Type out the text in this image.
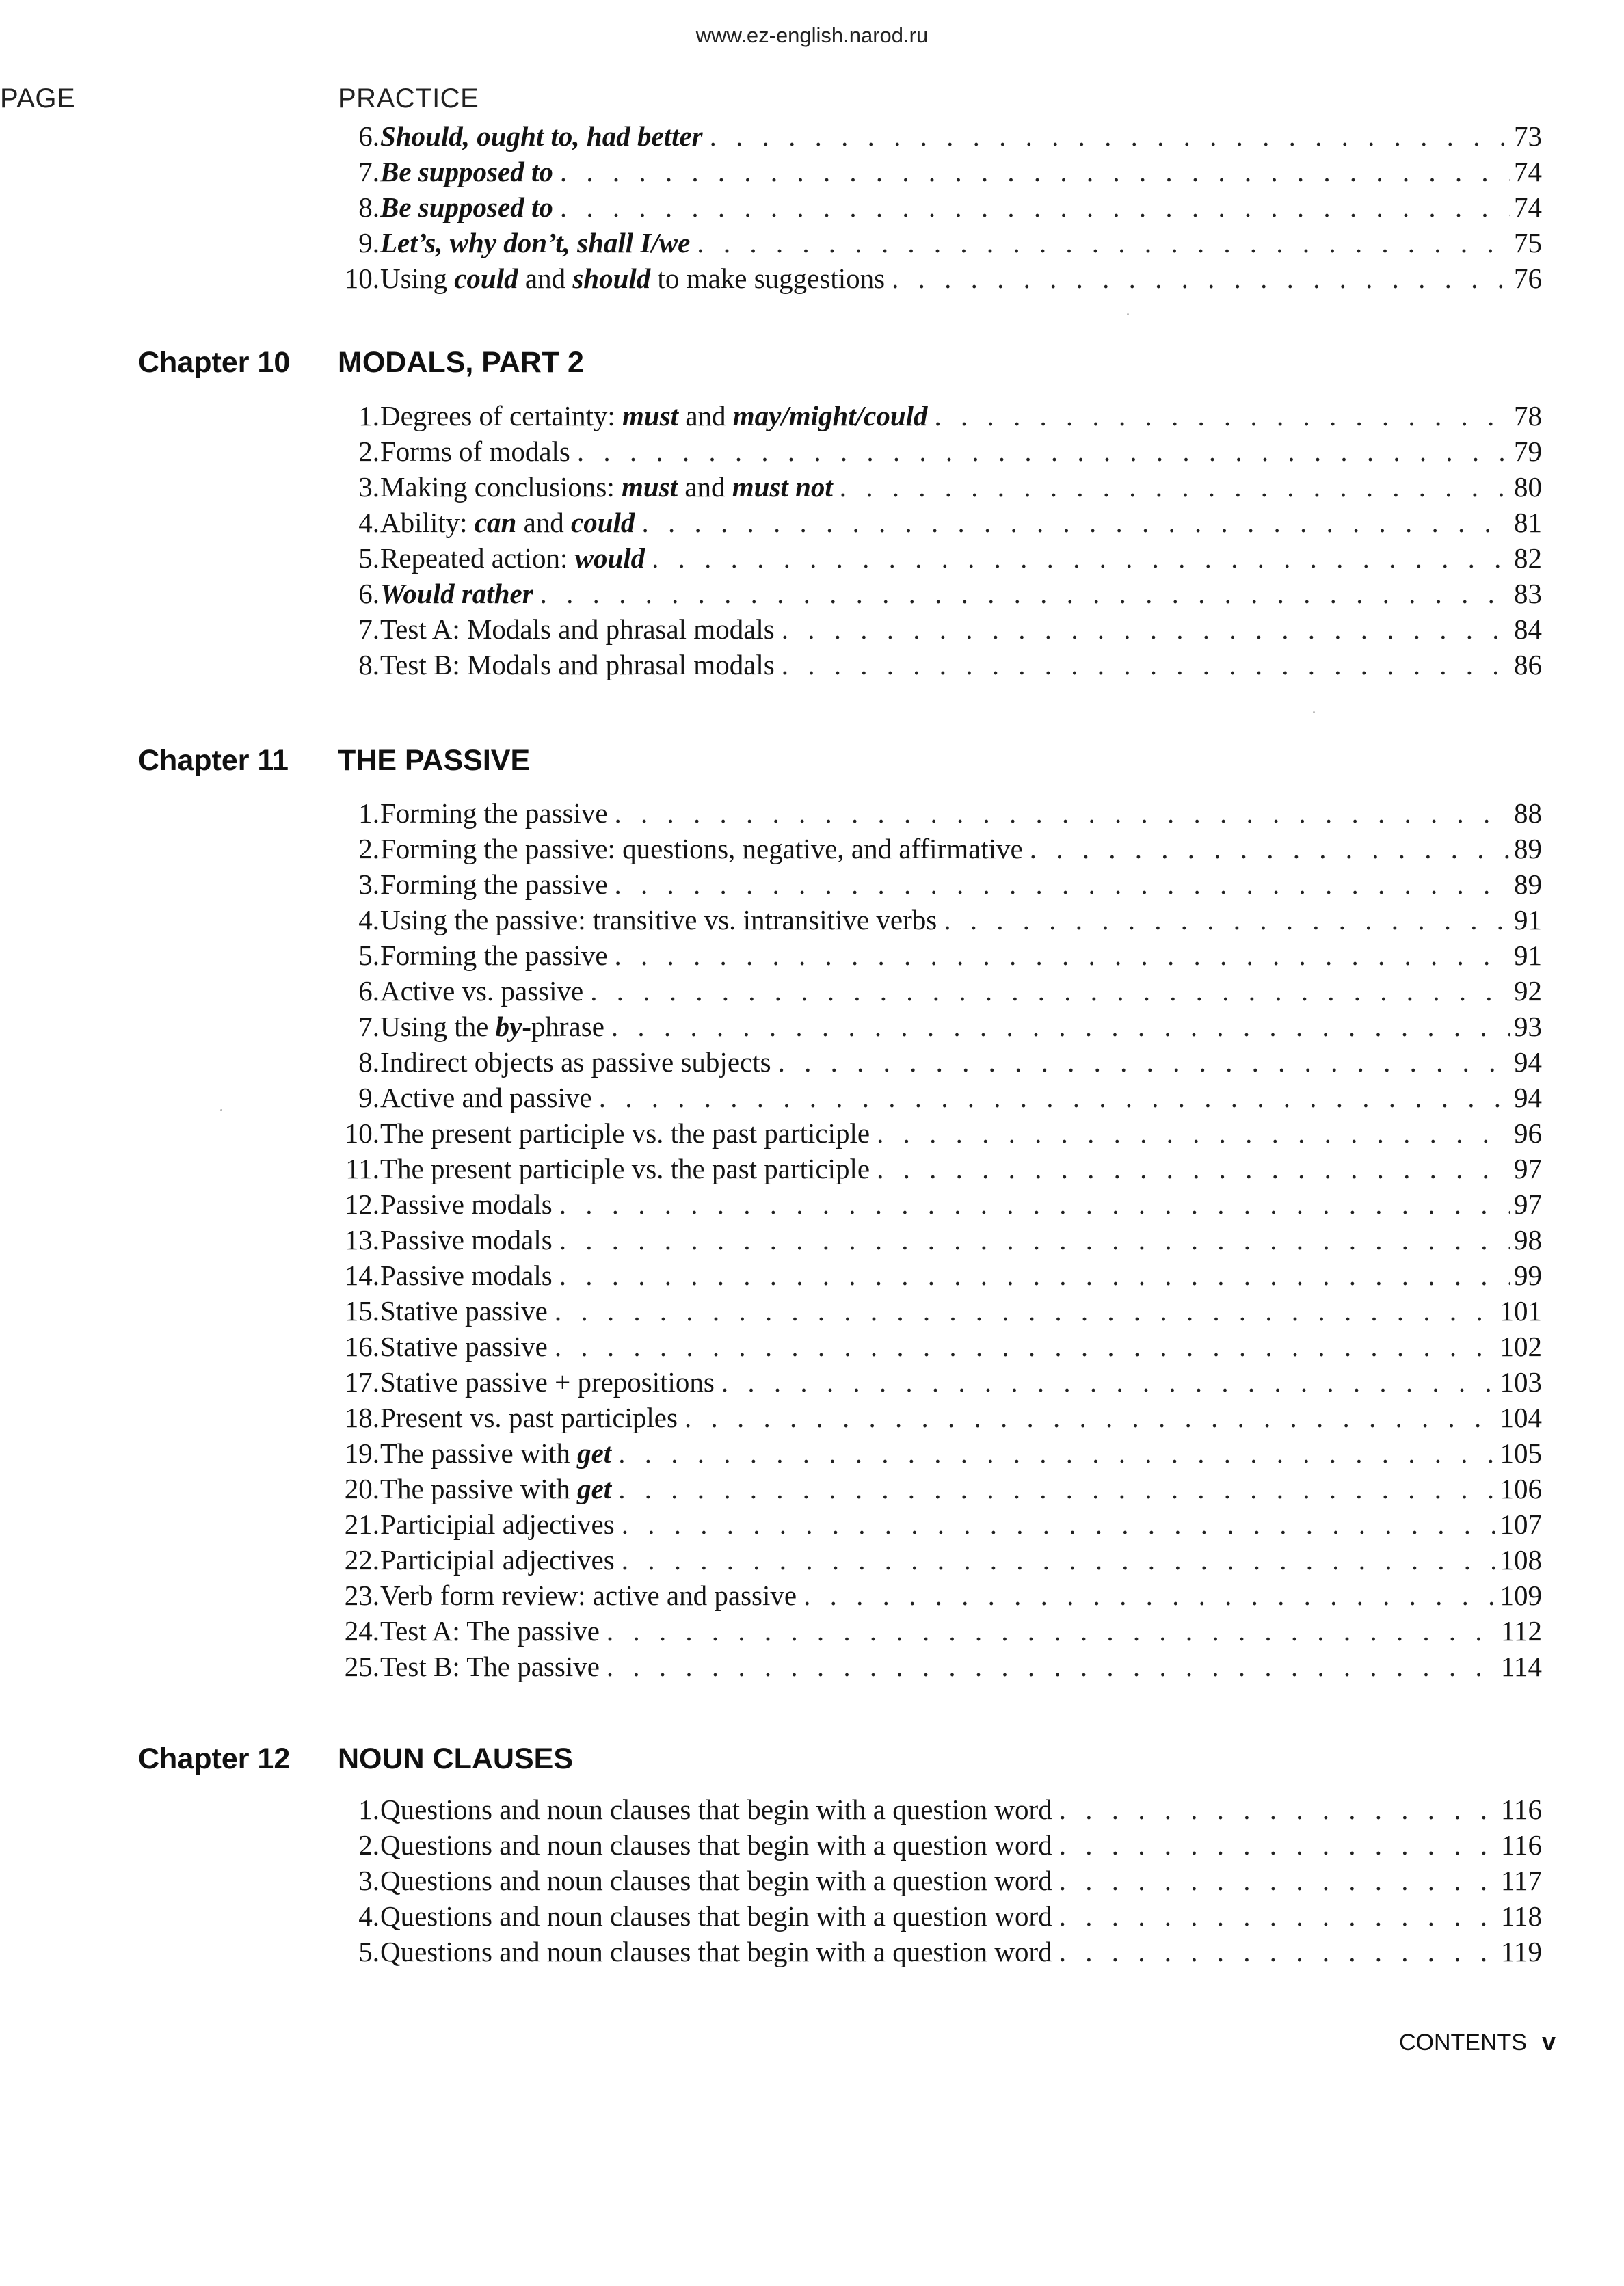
www.ez-english.narod.ru
PRACTICE
PAGE
6. Should, ought to, had better . . .	73
7. Be supposed to . . .	74
8. Be supposed to . . .	74
9. Let’s, why don’t, shall I/we . . .	75
10. Using could and should to make suggestions . . .	76
Chapter 10 MODALS, PART 2
1. Degrees of certainty: must and may/might/could . . .	78
2. Forms of modals . . .	79
3. Making conclusions: must and must not . . .	80
4. Ability: can and could . . .	81
5. Repeated action: would . . .	82
6. Would rather . . .	83
7. Test A: Modals and phrasal modals . . .	84
8. Test B: Modals and phrasal modals . . .	86
Chapter 11 THE PASSIVE
1. Forming the passive . . .	88
2. Forming the passive: questions, negative, and affirmative . . .	89
3. Forming the passive . . .	89
4. Using the passive: transitive vs. intransitive verbs . . .	91
5. Forming the passive . . .	91
6. Active vs. passive . . .	92
7. Using the by-phrase . . .	93
8. Indirect objects as passive subjects . . .	94
9. Active and passive . . .	94
10. The present participle vs. the past participle . . .	96
11. The present participle vs. the past participle . . .	97
12. Passive modals . . .	97
13. Passive modals . . .	98
14. Passive modals . . .	99
15. Stative passive . . .	101
16. Stative passive . . .	102
17. Stative passive + prepositions . . .	103
18. Present vs. past participles . . .	104
19. The passive with get . . .	105
20. The passive with get . . .	106
21. Participial adjectives . . .	107
22. Participial adjectives . . .	108
23. Verb form review: active and passive . . .	109
24. Test A: The passive . . .	112
25. Test B: The passive . . .	114
Chapter 12 NOUN CLAUSES
1. Questions and noun clauses that begin with a question word . . .	116
2. Questions and noun clauses that begin with a question word . . .	116
3. Questions and noun clauses that begin with a question word . . .	117
4. Questions and noun clauses that begin with a question word . . .	118
5. Questions and noun clauses that begin with a question word . . .	119
CONTENTS v
